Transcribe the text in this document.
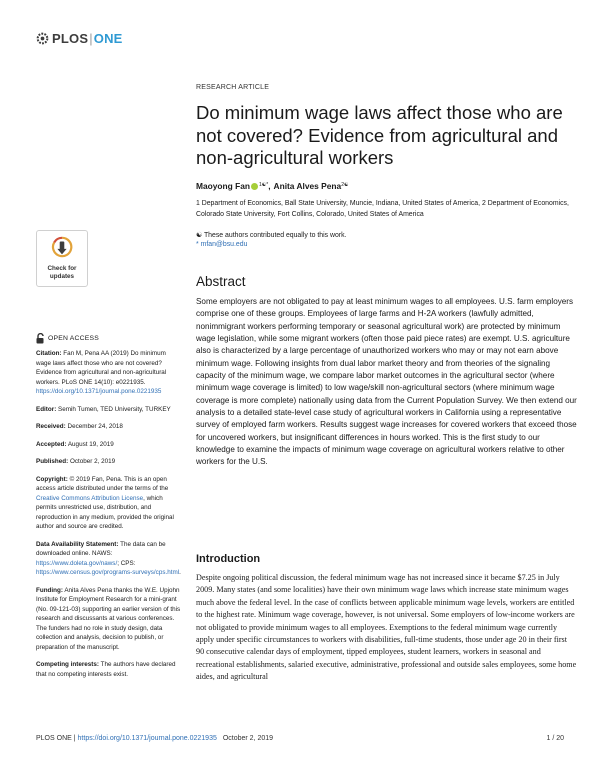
PLOS|ONE
RESEARCH ARTICLE
Do minimum wage laws affect those who are not covered? Evidence from agricultural and non-agricultural workers
Maoyong Fan $^{1☯*}$ , Anita Alves Pena$^{2☯}$
1 Department of Economics, Ball State University, Muncie, Indiana, United States of America, 2 Department of Economics, Colorado State University, Fort Collins, Colorado, United States of America
☯ These authors contributed equally to this work.
* mfan@bsu.edu
Check for
updates
OPEN ACCESS
Citation: Fan M, Pena AA (2019) Do minimum wage laws affect those who are not covered? Evidence from agricultural and non-agricultural workers. PLoS ONE 14(10): e0221935. https://doi.org/10.1371/journal.pone.0221935
Editor: Semih Tumen, TED University, TURKEY
Received: December 24, 2018
Accepted: August 19, 2019
Published: October 2, 2019
Copyright: © 2019 Fan, Pena. This is an open access article distributed under the terms of the Creative Commons Attribution License, which permits unrestricted use, distribution, and reproduction in any medium, provided the original author and source are credited.
Data Availability Statement: The data can be downloaded online. NAWS: https://www.doleta.gov/naws/; CPS: https://www.census.gov/programs-surveys/cps.html.
Funding: Anita Alves Pena thanks the W.E. Upjohn Institute for Employment Research for a mini-grant (No. 09-121-03) supporting an earlier version of this research and discussants at various conferences. The funders had no role in study design, data collection and analysis, decision to publish, or preparation of the manuscript.
Competing interests: The authors have declared that no competing interests exist.
Abstract
Some employers are not obligated to pay at least minimum wages to all employees. U.S. farm employers comprise one of these groups. Employees of large farms and H-2A workers (lawfully admitted, nonimmigrant workers performing temporary or seasonal agricultural work) are protected by minimum wage legislation, while some migrant workers (often those paid piece rates) are exempt. U.S. agriculture also is characterized by a large percentage of unauthorized workers who may or may not earn above minimum wage. Following insights from dual labor market theory and from theories of the signaling capacity of the minimum wage, we compare labor market outcomes in the agricultural sector (where minimum wage coverage is limited) to low wage/skill non-agricultural sectors (where minimum wage coverage is more complete) nationally using data from the Current Population Survey. We then extend our analysis to a detailed state-level case study of agricultural workers in California using a representative survey of employed farm workers. Results suggest wage increases for covered workers that exceed those for uncovered workers, but insignificant differences in hours worked. This is the first study to our knowledge to examine the impacts of minimum wage coverage on agricultural workers relative to other workers for the U.S.
Introduction
Despite ongoing political discussion, the federal minimum wage has not increased since it became $7.25 in July 2009. Many states (and some localities) have their own minimum wage laws which increase state minimum wages much above the federal level. In the case of conflicts between applicable minimum wage levels, workers are entitled to the highest rate. Minimum wage coverage, however, is not universal. Some employers of low-income workers are not obligated to provide minimum wages to all employees. Exemptions to the federal minimum wage currently apply under specific circumstances to workers with disabilities, full-time students, those under age 20 in their first 90 consecutive calendar days of employment, tipped employees, student learners, workers in seasonal and recreational establishments, salaried executive, administrative, professional and outside sales employees, some home aides, and agricultural
PLOS ONE | https://doi.org/10.1371/journal.pone.0221935 October 2, 2019	1 / 20
